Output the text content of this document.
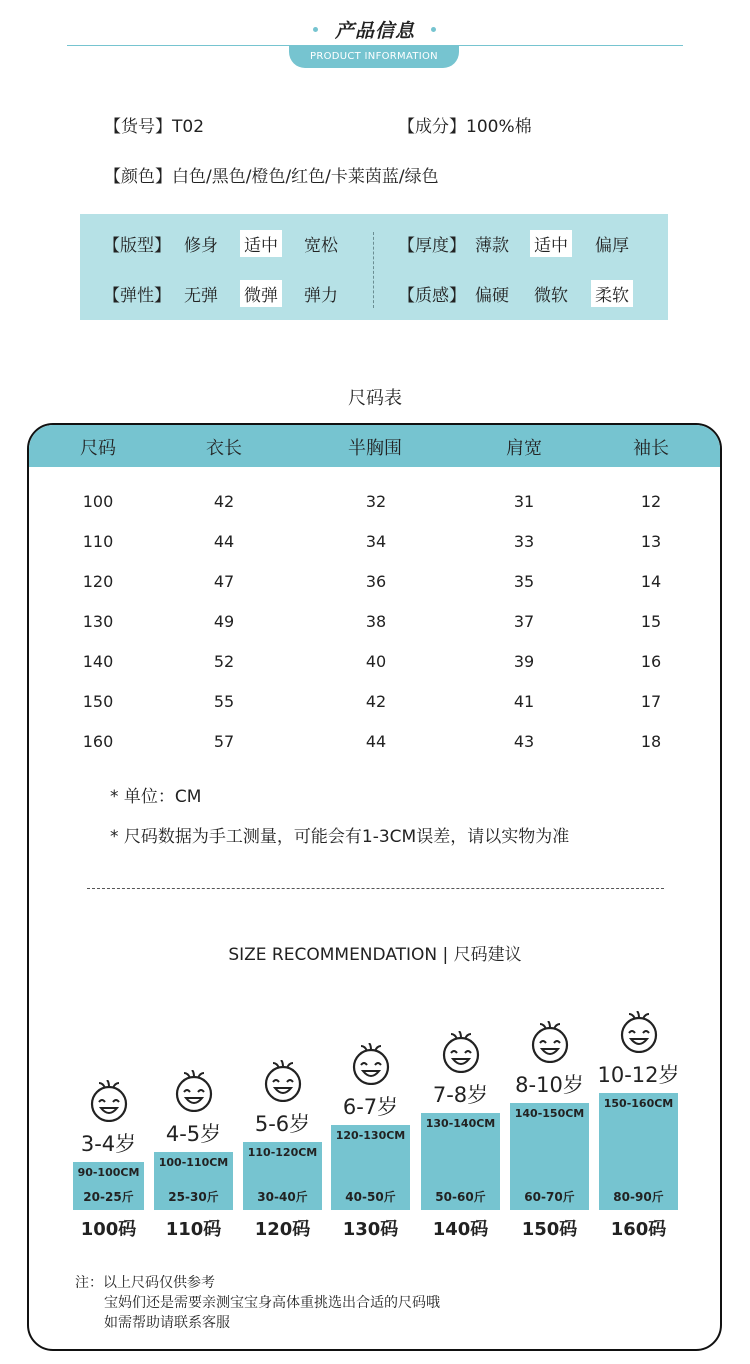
产品信息
PRODUCT INFORMATION
【货号】T02	【成分】100%棉
【颜色】白色/黑色/橙色/红色/卡莱茵蓝/绿色
【版型】 修身 适中 宽松
【弹性】 无弹 微弹 弹力
【厚度】 薄款 适中 偏厚
【质感】 偏硬 微软 柔软
尺码表
尺码	衣长	半胸围	肩宽	袖长
100	42	32	31	12
110	44	34	33	13
120	47	36	35	14
130	49	38	37	15
140	52	40	39	16
150	55	42	41	17
160	57	44	43	18
* 单位：CM
* 尺码数据为手工测量，可能会有1-3CM误差，请以实物为准
SIZE RECOMMENDATION | 尺码建议
90-100CM
20-25斤
3-4岁
100码
100-110CM
25-30斤
4-5岁
110码
110-120CM
30-40斤
5-6岁
120码
120-130CM
40-50斤
6-7岁
130码
130-140CM
50-60斤
7-8岁
140码
140-150CM
60-70斤
8-10岁
150码
150-160CM
80-90斤
10-12岁
160码
注：以上尺码仅供参考
宝妈们还是需要亲测宝宝身高体重挑选出合适的尺码哦
如需帮助请联系客服
